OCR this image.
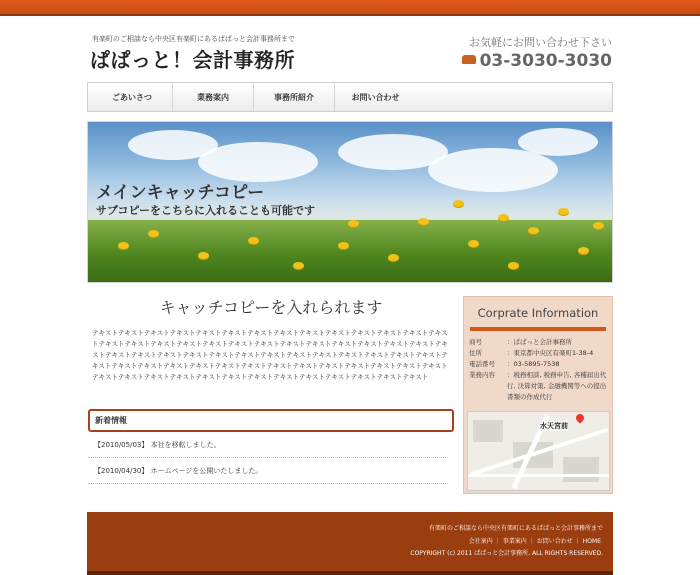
有楽町のご相談なら中央区有楽町にあるぱぱっと会計事務所まで
ぱぱっと！会計事務所
お気軽にお問い合わせ下さい
03-3030-3030
ごあいさつ	業務案内	事務所紹介	お問い合わせ
メインキャッチコピー
サブコピーをこちらに入れることも可能です
キャッチコピーを入れられます
テキストテキストテキストテキストテキストテキストテキストテキストテキストテキストテキストテキストテキストテキストテキストテキストテキストテキストテキストテキストテキストテキストテキストテキストテキストテキストテキストテキストテキストテキストテキストテキストテキストテキストテキストテキストテキストテキストテキストテキストテキストテキストテキストテキストテキストテキストテキストテキストテキストテキストテキストテキストテキストテキストテキストテキストテキストテキストテキストテキストテキストテキストテキストテキストテキストテキストテキストテキスト
新着情報
【2010/05/03】 本社を移転しました。
【2010/04/30】 ホームページを公開いたしました。
Corprate Information
商号	：ぱぱっと会計事務所
住所	：東京都中央区有楽町1-38-4
電話番号	：03-5895-7538
業務内容	：税務相談, 税務申告, 各種届出代行, 決算対策, 金融機関等への提出書類の作成代行
水天宮前
有楽町のご相談なら中央区有楽町にあるぱぱっと会計事務所まで
会社案内 ｜ 事業案内 ｜ お問い合わせ ｜ HOME
COPYRIGHT (c) 2011 ぱぱっと会計事務所. ALL RIGHTS RESERVED.
